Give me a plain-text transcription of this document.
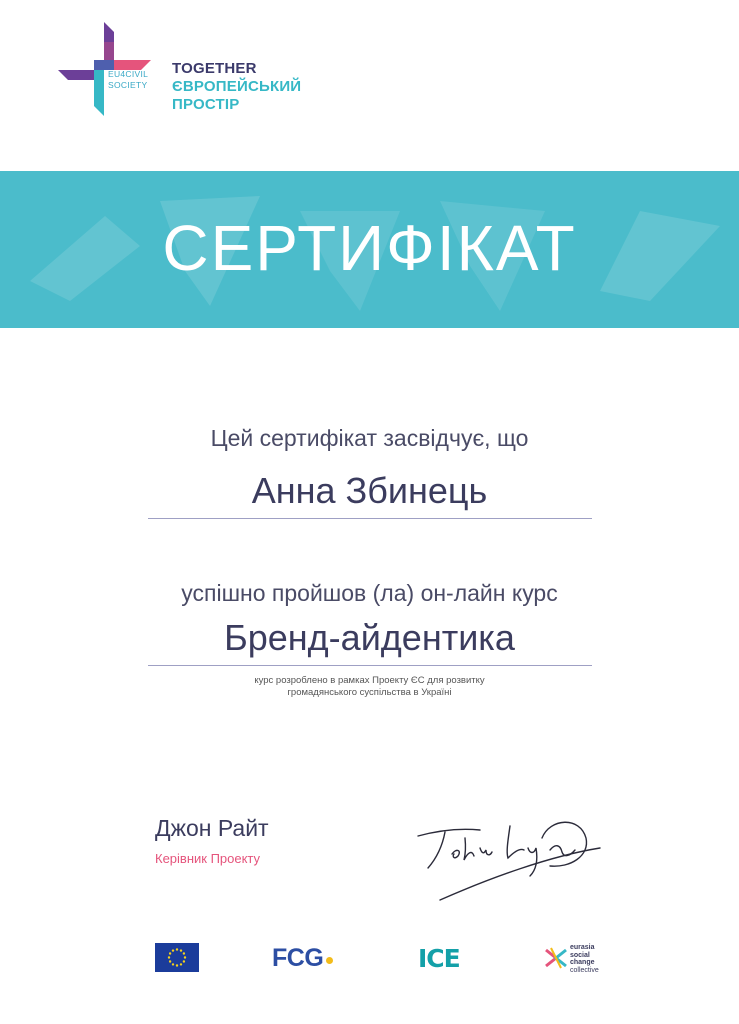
EU4CIVIL
SOCIETY
TOGETHER
ЄВРОПЕЙСЬКИЙ
ПРОСТІР
СЕРТИФІКАТ
Цей сертифікат засвідчує, що
Анна Збинець
успішно пройшов (ла) он-лайн курс
Бренд-айдентика
курс розроблено в рамках Проекту ЄС для розвитку
громадянського суспільства в Україні
Джон Райт
Керівник Проекту
FCG	ICE	eurasia
social
change
collective
